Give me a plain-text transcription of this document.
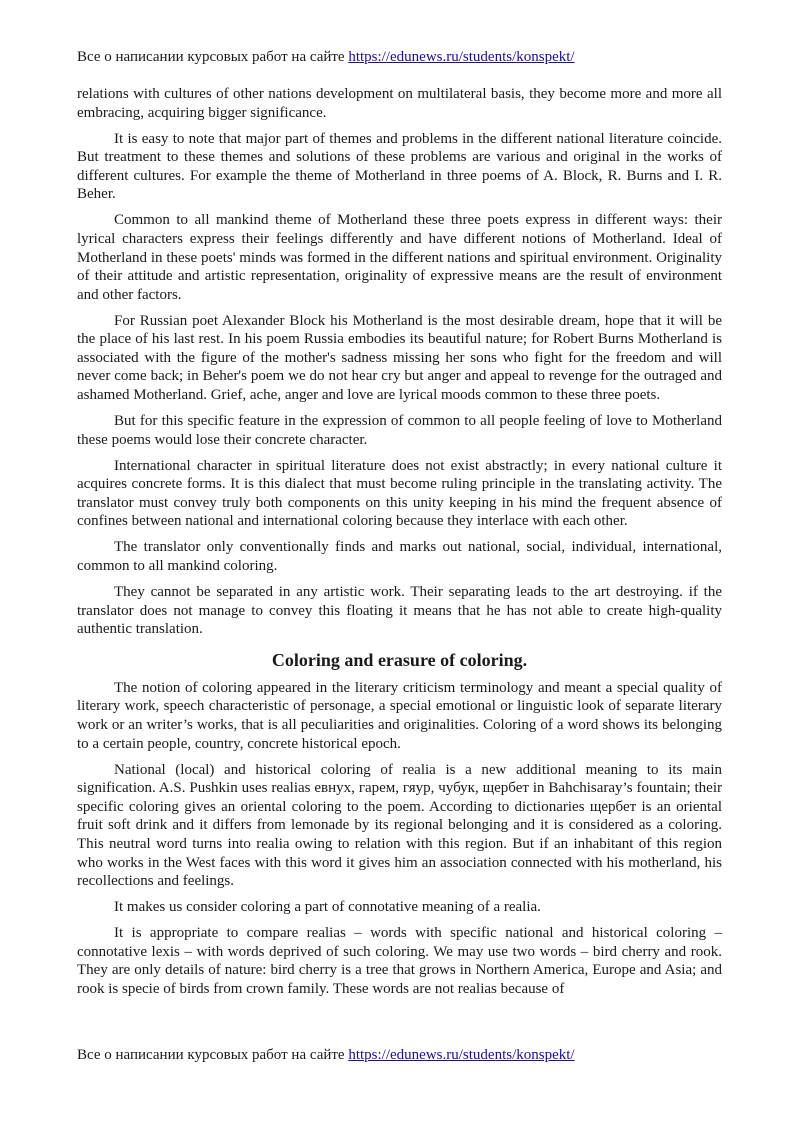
Все о написании курсовых работ на сайте https://edunews.ru/students/konspekt/

relations with cultures of other nations development on multilateral basis, they become more and more all embracing, acquiring bigger significance.

It is easy to note that major part of themes and problems in the different national literature coincide. But treatment to these themes and solutions of these problems are various and original in the works of different cultures. For example the theme of Motherland in three poems of A. Block, R. Burns and I. R. Beher.

Common to all mankind theme of Motherland these three poets express in different ways: their lyrical characters express their feelings differently and have different notions of Motherland. Ideal of Motherland in these poets' minds was formed in the different nations and spiritual environment. Originality of their attitude and artistic representation, originality of expressive means are the result of environment and other factors.

For Russian poet Alexander Block his Motherland is the most desirable dream, hope that it will be the place of his last rest. In his poem Russia embodies its beautiful nature; for Robert Burns Motherland is associated with the figure of the mother's sadness missing her sons who fight for the freedom and will never come back; in Beher's poem we do not hear cry but anger and appeal to revenge for the outraged and ashamed Motherland. Grief, ache, anger and love are lyrical moods common to these three poets.

But for this specific feature in the expression of common to all people feeling of love to Motherland these poems would lose their concrete character.

International character in spiritual literature does not exist abstractly; in every national culture it acquires concrete forms. It is this dialect that must become ruling principle in the translating activity. The translator must convey truly both components on this unity keeping in his mind the frequent absence of confines between national and international coloring because they interlace with each other.

The translator only conventionally finds and marks out national, social, individual, international, common to all mankind coloring.

They cannot be separated in any artistic work. Their separating leads to the art destroying. if the translator does not manage to convey this floating it means that he has not able to create high-quality authentic translation.

Coloring and erasure of coloring.

The notion of coloring appeared in the literary criticism terminology and meant a special quality of literary work, speech characteristic of personage, a special emotional or linguistic look of separate literary work or an writer’s works, that is all peculiarities and originalities. Coloring of a word shows its belonging to a certain people, country, concrete historical epoch.

National (local) and historical coloring of realia is a new additional meaning to its main signification. A.S. Pushkin uses realias евнух, гарем, гяур, чубук, щербет in Bahchisaray’s fountain; their specific coloring gives an oriental coloring to the poem. According to dictionaries щербет is an oriental fruit soft drink and it differs from lemonade by its regional belonging and it is considered as a coloring. This neutral word turns into realia owing to relation with this region. But if an inhabitant of this region who works in the West faces with this word it gives him an association connected with his motherland, his recollections and feelings.

It makes us consider coloring a part of connotative meaning of a realia.

It is appropriate to compare realias – words with specific national and historical coloring – connotative lexis – with words deprived of such coloring. We may use two words – bird cherry and rook. They are only details of nature: bird cherry is a tree that grows in Northern America, Europe and Asia; and rook is specie of birds from crown family. These words are not realias because of

Все о написании курсовых работ на сайте https://edunews.ru/students/konspekt/
